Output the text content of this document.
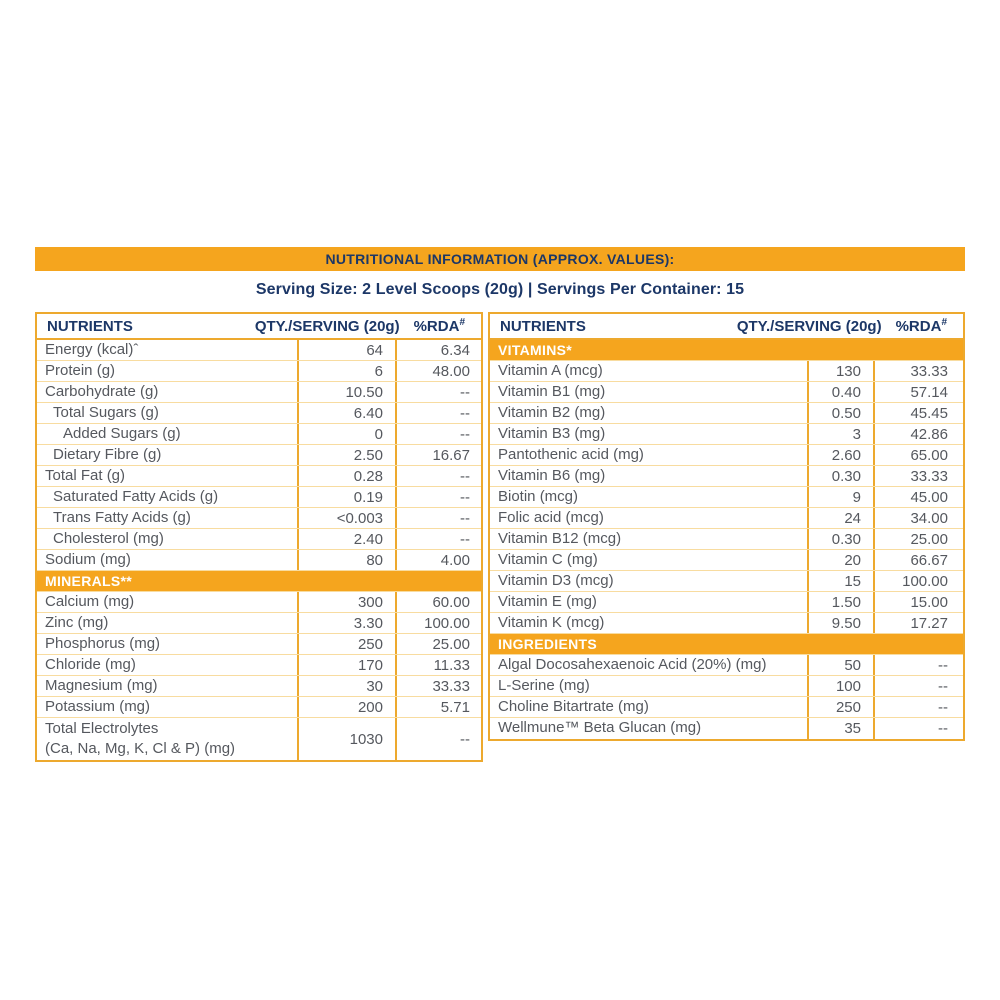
NUTRITIONAL INFORMATION (APPROX. VALUES):
Serving Size: 2 Level Scoops (20g) | Servings Per Container: 15
NUTRIENTS	QTY./SERVING (20g) %RDA#
Energy (kcal)ˆ	64	6.34
Protein (g)	6	48.00
Carbohydrate (g)	10.50	--
Total Sugars (g)	6.40	--
Added Sugars (g)	0	--
Dietary Fibre (g)	2.50	16.67
Total Fat (g)	0.28	--
Saturated Fatty Acids (g)	0.19	--
Trans Fatty Acids (g)	<0.003	--
Cholesterol (mg)	2.40	--
Sodium (mg)	80	4.00
MINERALS**
Calcium (mg)	300	60.00
Zinc (mg)	3.30	100.00
Phosphorus (mg)	250	25.00
Chloride (mg)	170	11.33
Magnesium (mg)	30	33.33
Potassium (mg)	200	5.71
Total Electrolytes
(Ca, Na, Mg, K, Cl & P) (mg)
1030	--
NUTRIENTS	QTY./SERVING (20g) %RDA#
VITAMINS*
Vitamin A (mcg)	130	33.33
Vitamin B1 (mg)	0.40	57.14
Vitamin B2 (mg)	0.50	45.45
Vitamin B3 (mg)	3	42.86
Pantothenic acid (mg)	2.60	65.00
Vitamin B6 (mg)	0.30	33.33
Biotin (mcg)	9	45.00
Folic acid (mcg)	24	34.00
Vitamin B12 (mcg)	0.30	25.00
Vitamin C (mg)	20	66.67
Vitamin D3 (mcg)	15	100.00
Vitamin E (mg)	1.50	15.00
Vitamin K (mcg)	9.50	17.27
INGREDIENTS
Algal Docosahexaenoic Acid (20%) (mg)	50	--
L-Serine (mg)	100	--
Choline Bitartrate (mg)	250	--
Wellmune™ Beta Glucan (mg)	35	--
